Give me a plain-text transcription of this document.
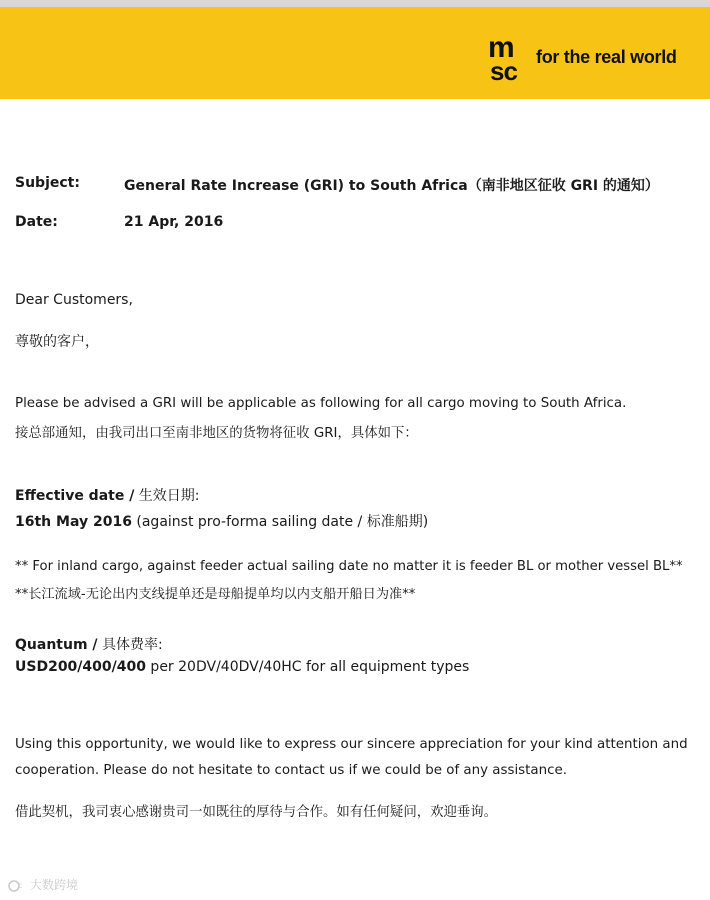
m
sc	for the real world
Subject:	General Rate Increase (GRI) to South Africa（南非地区征收 GRI 的通知）
Date:	21 Apr, 2016
Dear Customers,
尊敬的客户，
Please be advised a GRI will be applicable as following for all cargo moving to South Africa.
接总部通知，由我司出口至南非地区的货物将征收 GRI，具体如下：
Effective date / 生效日期:
16th May 2016 (against pro-forma sailing date / 标准船期)
** For inland cargo, against feeder actual sailing date no matter it is feeder BL or mother vessel BL**
**长江流域-无论出内支线提单还是母船提单均以内支船开船日为准**
Quantum / 具体费率:
USD200/400/400 per 20DV/40DV/40HC for all equipment types
Using this opportunity, we would like to express our sincere appreciation for your kind attention and
cooperation. Please do not hesitate to contact us if we could be of any assistance.
借此契机，我司衷心感谢贵司一如既往的厚待与合作。如有任何疑问，欢迎垂询。
C 大数跨境
